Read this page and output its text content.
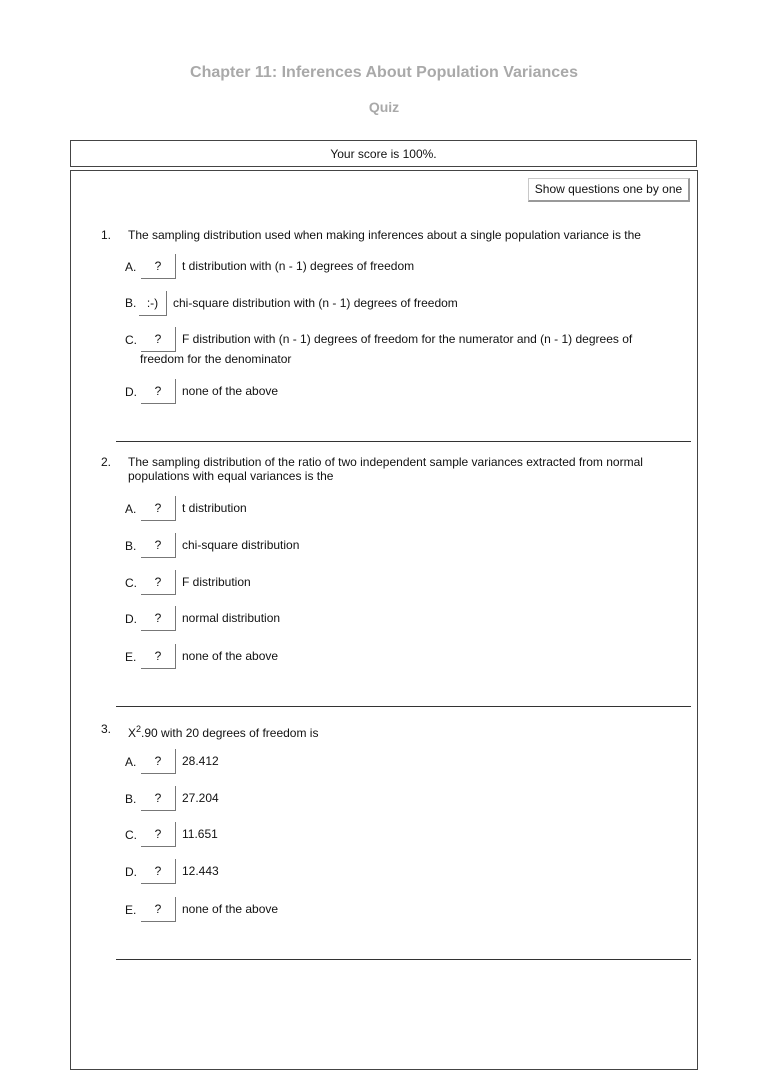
Chapter 11: Inferences About Population Variances
Quiz
Your score is 100%.
Show questions one by one
1. The sampling distribution used when making inferences about a single population variance is the
A.	?	t distribution with (n - 1) degrees of freedom
B. :-)	chi-square distribution with (n - 1) degrees of freedom
C.	?	F distribution with (n - 1) degrees of freedom for the numerator and (n - 1) degrees of
freedom for the denominator
D.	?	none of the above
2. The sampling distribution of the ratio of two independent sample variances extracted from normal populations with equal variances is the
A.	?	t distribution
B.	?	chi-square distribution
C.	?	F distribution
D.	?	normal distribution
E.	?	none of the above
3. $X^2.90$ with 20 degrees of freedom is
A.	?	28.412
B.	?	27.204
C.	?	11.651
D.	?	12.443
E.	?	none of the above
